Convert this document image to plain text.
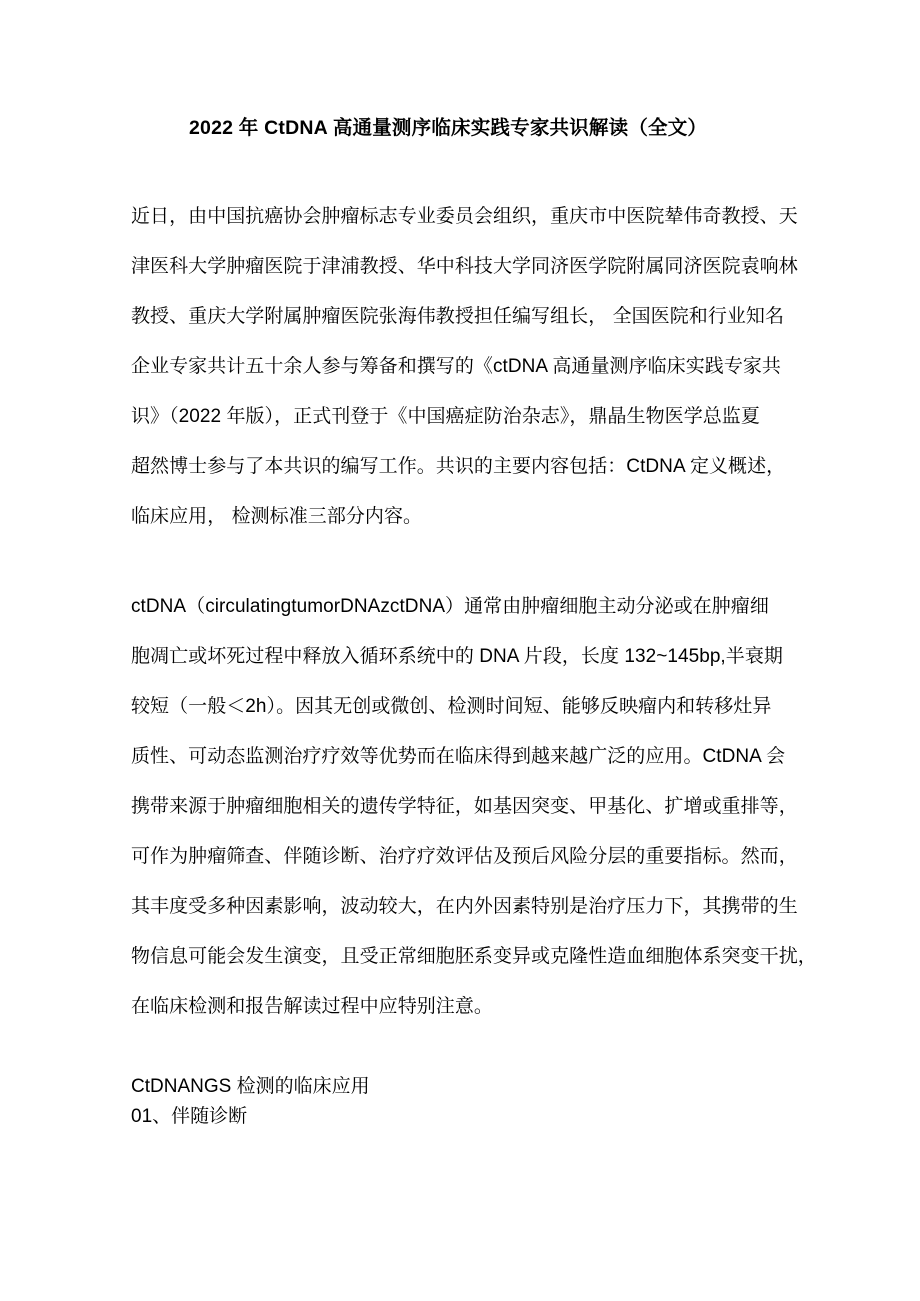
2022 年 CtDNA 高通量测序临床实践专家共识解读（全文）
近日，由中国抗癌协会肿瘤标志专业委员会组织，重庆市中医院辇伟奇教授、天
津医科大学肿瘤医院于津浦教授、华中科技大学同济医学院附属同济医院袁响林
教授、重庆大学附属肿瘤医院张海伟教授担任编写组长， 全国医院和行业知名
企业专家共计五十余人参与筹备和撰写的《ctDNA 高通量测序临床实践专家共
识》（2022 年版），正式刊登于《中国癌症防治杂志》，鼎晶生物医学总监夏
超然博士参与了本共识的编写工作。共识的主要内容包括：CtDNA 定义概述，
临床应用， 检测标准三部分内容。
ctDNA（circulatingtumorDNAᴢctDNA）通常由肿瘤细胞主动分泌或在肿瘤细
胞凋亡或坏死过程中释放入循环系统中的 DNA 片段，长度 132~145bp,半衰期
较短（一般＜2h）。因其无创或微创、检测时间短、能够反映瘤内和转移灶异
质性、可动态监测治疗疗效等优势而在临床得到越来越广泛的应用。CtDNA 会
携带来源于肿瘤细胞相关的遗传学特征，如基因突变、甲基化、扩增或重排等，
可作为肿瘤筛查、伴随诊断、治疗疗效评估及预后风险分层的重要指标。然而，
其丰度受多种因素影响，波动较大，在内外因素特别是治疗压力下，其携带的生
物信息可能会发生演变，且受正常细胞胚系变异或克隆性造血细胞体系突变干扰，
在临床检测和报告解读过程中应特别注意。
CtDNANGS 检测的临床应用
01、伴随诊断
